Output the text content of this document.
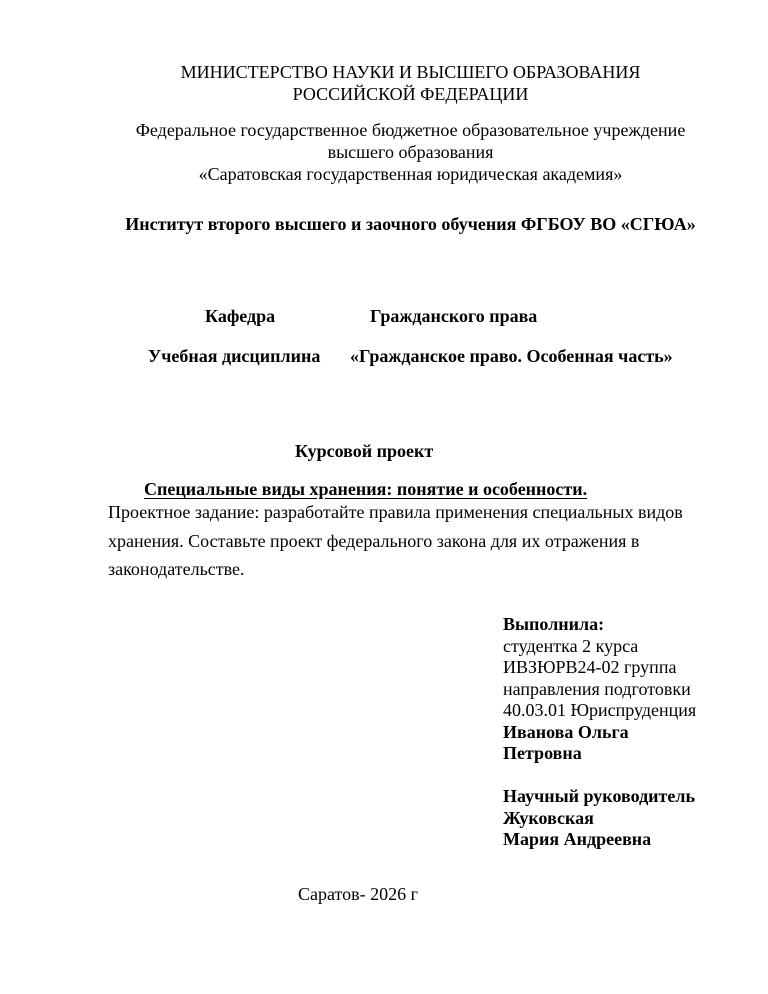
МИНИСТЕРСТВО НАУКИ И ВЫСШЕГО ОБРАЗОВАНИЯ
РОССИЙСКОЙ ФЕДЕРАЦИИ
Федеральное государственное бюджетное образовательное учреждение
высшего образования
«Саратовская государственная юридическая академия»
Институт второго высшего и заочного обучения ФГБОУ ВО «СГЮА»
Кафедра	Гражданского права
Учебная дисциплина «Гражданское право. Особенная часть»
Курсовой проект
Специальные виды хранения: понятие и особенности.
Проектное задание: разработайте правила применения специальных видов
хранения. Составьте проект федерального закона для их отражения в
законодательстве.
Выполнила:
студентка 2 курса
ИВЗЮРВ24-02 группа
направления подготовки
40.03.01 Юриспруденция
Иванова Ольга
Петровна
Научный руководитель
Жуковская
Мария Андреевна
Саратов- 2026 г
